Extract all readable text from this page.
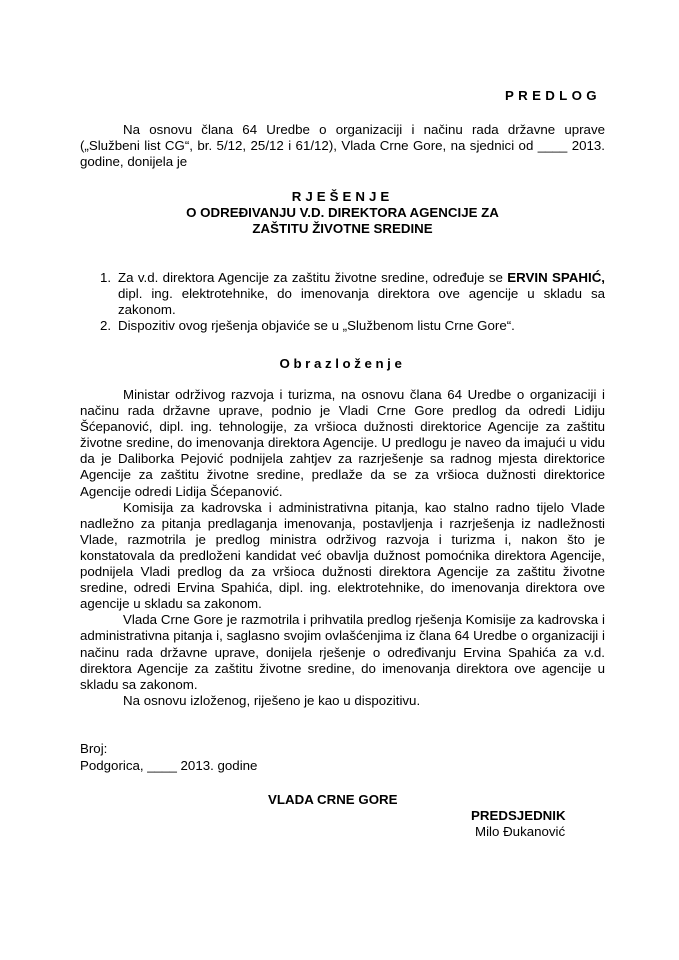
PREDLOG
Na osnovu člana 64 Uredbe o organizaciji i načinu rada državne uprave („Službeni list CG“, br. 5/12, 25/12 i 61/12), Vlada Crne Gore, na sjednici od ____ 2013. godine, donijela je
RJEŠENJE
O ODREĐIVANJU V.D. DIREKTORA AGENCIJE ZA
ZAŠTITU ŽIVOTNE SREDINE
1. Za v.d. direktora Agencije za zaštitu životne sredine, određuje se ERVIN SPAHIĆ, dipl. ing. elektrotehnike, do imenovanja direktora ove agencije u skladu sa zakonom.
2. Dispozitiv ovog rješenja objaviće se u „Službenom listu Crne Gore“.
Obrazloženje

Ministar održivog razvoja i turizma, na osnovu člana 64 Uredbe o organizaciji i načinu rada državne uprave, podnio je Vladi Crne Gore predlog da odredi Lidiju Šćepanović, dipl. ing. tehnologije, za vršioca dužnosti direktorice Agencije za zaštitu životne sredine, do imenovanja direktora Agencije. U predlogu je naveo da imajući u vidu da je Daliborka Pejović podnijela zahtjev za razrješenje sa radnog mjesta direktorice Agencije za zaštitu životne sredine, predlaže da se za vršioca dužnosti direktorice Agencije odredi Lidija Šćepanović.

Komisija za kadrovska i administrativna pitanja, kao stalno radno tijelo Vlade nadležno za pitanja predlaganja imenovanja, postavljenja i razrješenja iz nadležnosti Vlade, razmotrila je predlog ministra održivog razvoja i turizma i, nakon što je konstatovala da predloženi kandidat već obavlja dužnost pomoćnika direktora Agencije, podnijela Vladi predlog da za vršioca dužnosti direktora Agencije za zaštitu životne sredine, odredi Ervina Spahića, dipl. ing. elektrotehnike, do imenovanja direktora ove agencije u skladu sa zakonom.

Vlada Crne Gore je razmotrila i prihvatila predlog rješenja Komisije za kadrovska i administrativna pitanja i, saglasno svojim ovlašćenjima iz člana 64 Uredbe o organizaciji i načinu rada državne uprave, donijela rješenje o određivanju Ervina Spahića za v.d. direktora Agencije za zaštitu životne sredine, do imenovanja direktora ove agencije u skladu sa zakonom.

Na osnovu izloženog, riješeno je kao u dispozitivu.

Broj:
Podgorica, ____ 2013. godine
VLADA CRNE GORE
PREDSJEDNIK
Milo Đukanović
